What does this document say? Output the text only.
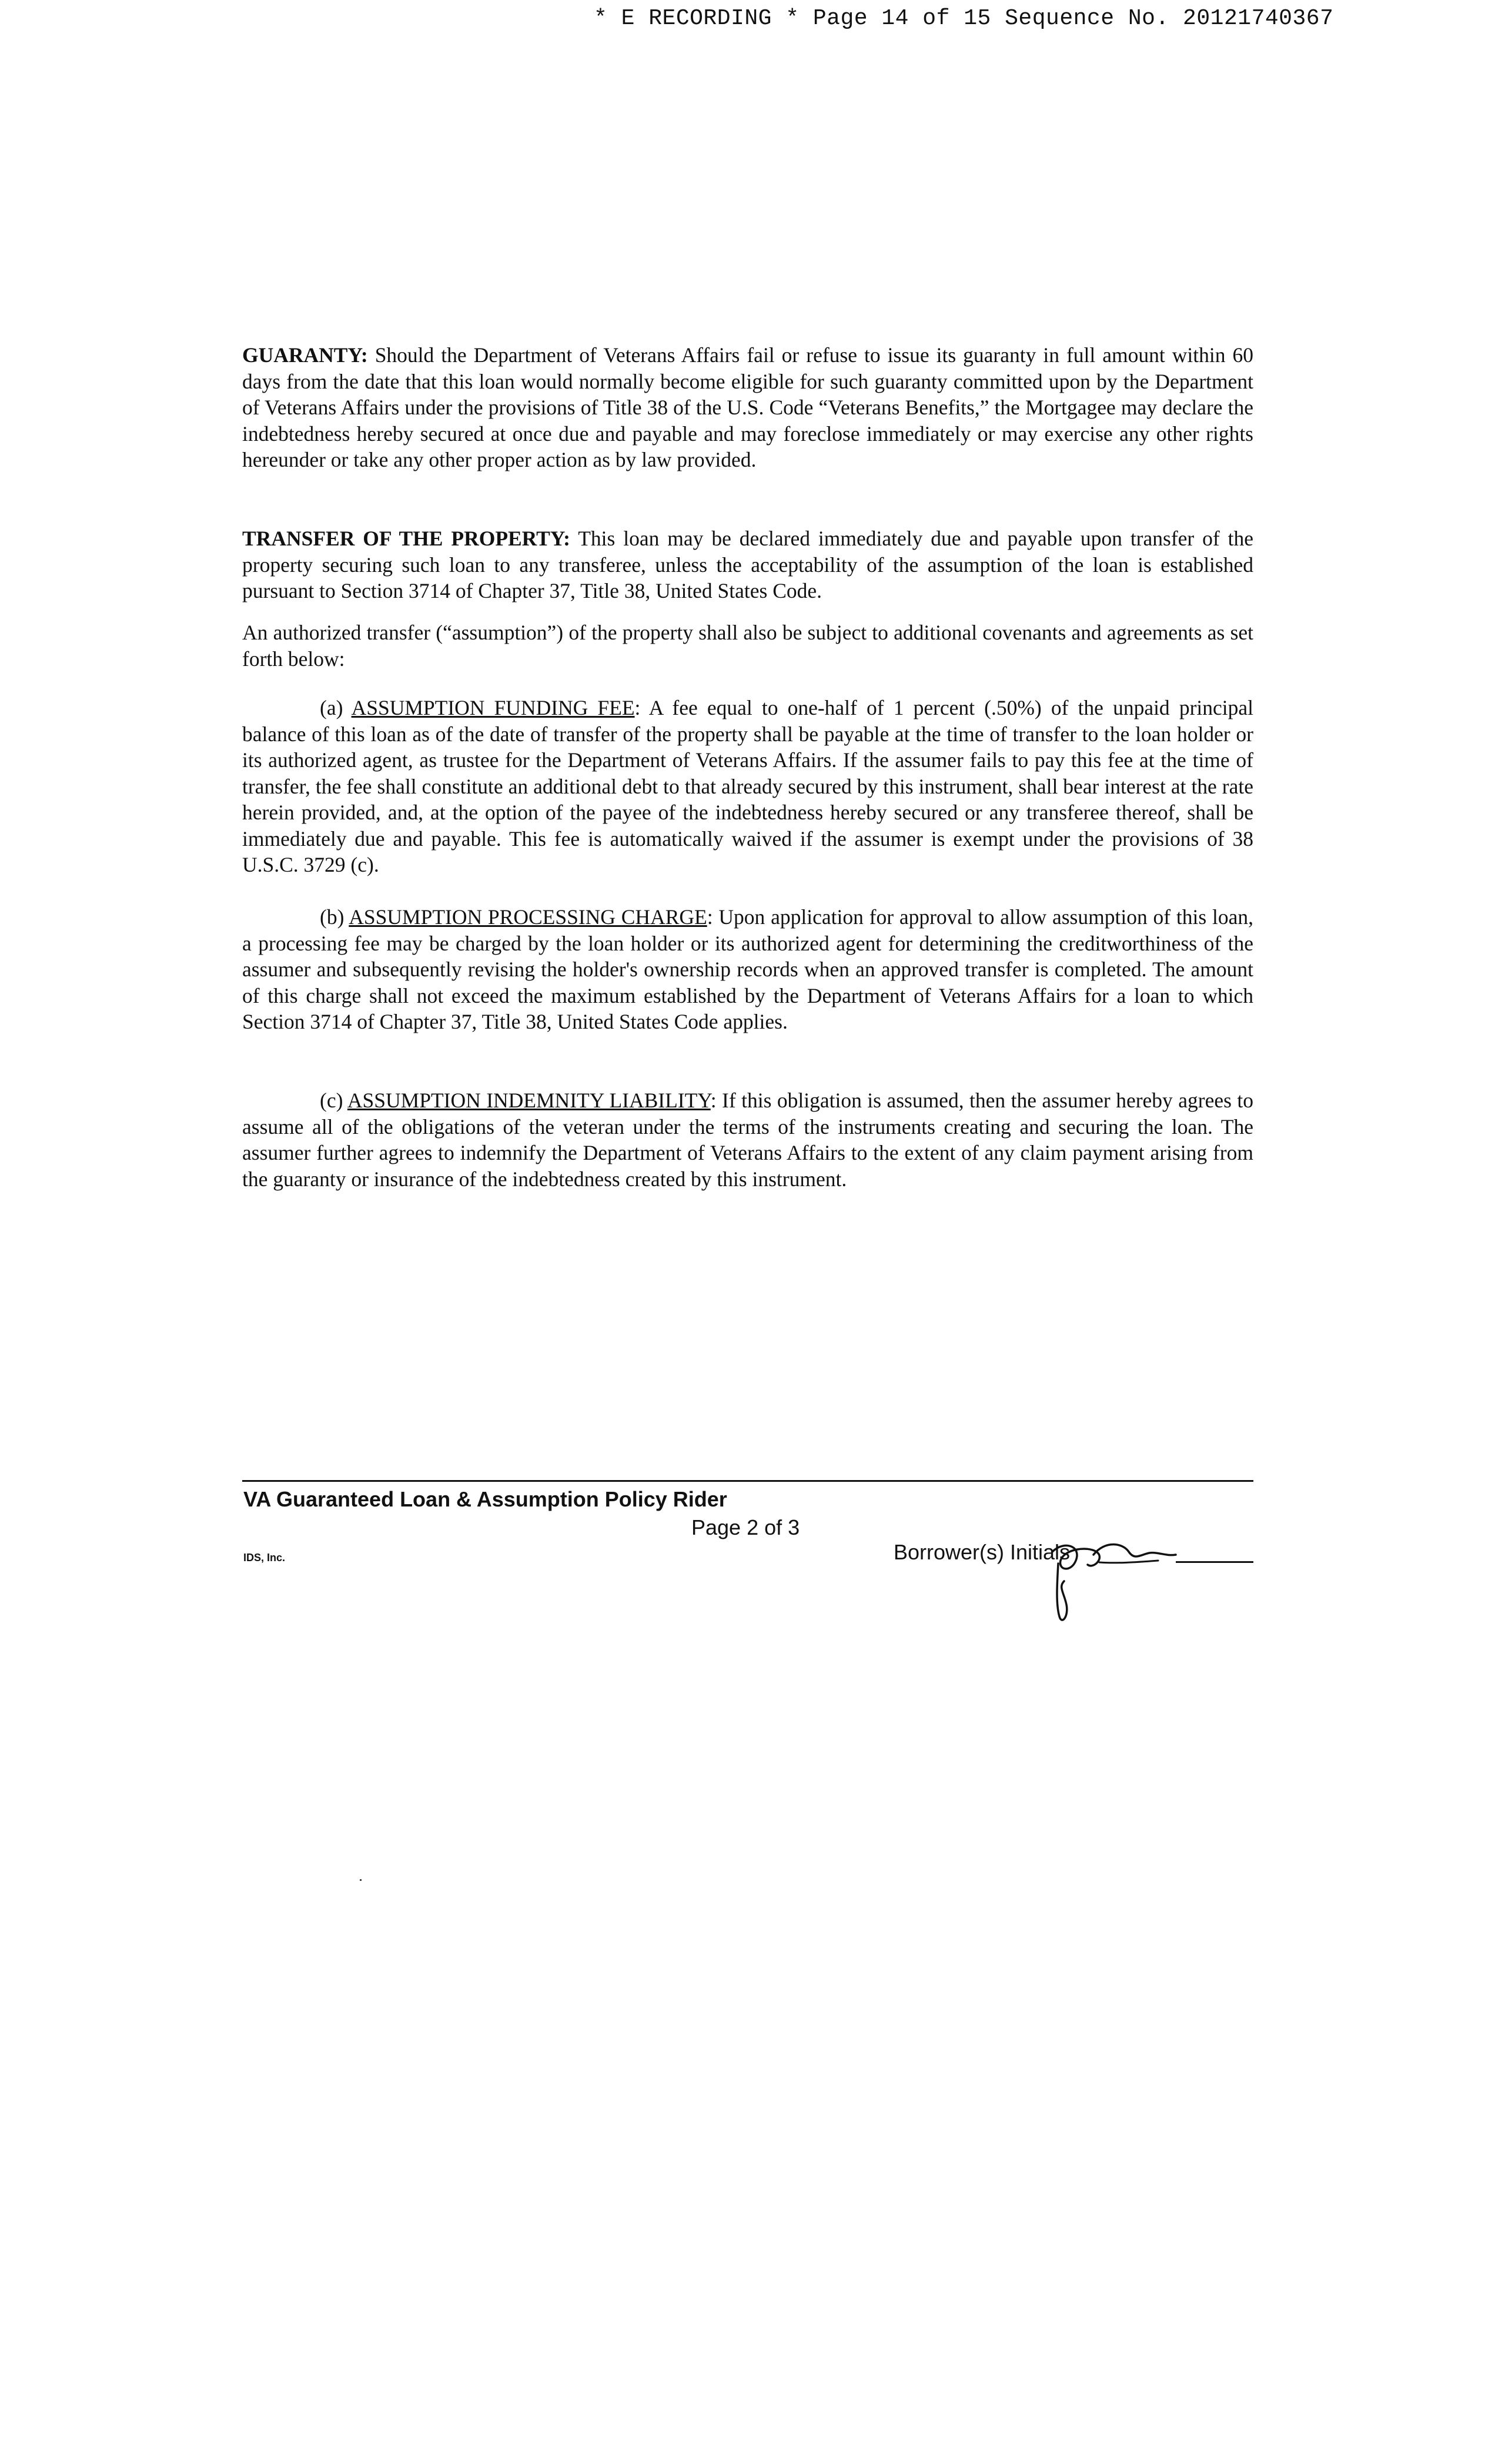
* E RECORDING * Page 14 of 15 Sequence No. 20121740367

GUARANTY: Should the Department of Veterans Affairs fail or refuse to issue its guaranty in full amount within 60 days from the date that this loan would normally become eligible for such guaranty committed upon by the Department of Veterans Affairs under the provisions of Title 38 of the U.S. Code “Veterans Benefits,” the Mortgagee may declare the indebtedness hereby secured at once due and payable and may foreclose immediately or may exercise any other rights hereunder or take any other proper action as by law provided.

TRANSFER OF THE PROPERTY: This loan may be declared immediately due and payable upon transfer of the property securing such loan to any transferee, unless the acceptability of the assumption of the loan is established pursuant to Section 3714 of Chapter 37, Title 38, United States Code.

An authorized transfer (“assumption”) of the property shall also be subject to additional covenants and agreements as set forth below:

(a) ASSUMPTION FUNDING FEE: A fee equal to one-half of 1 percent (.50%) of the unpaid principal balance of this loan as of the date of transfer of the property shall be payable at the time of transfer to the loan holder or its authorized agent, as trustee for the Department of Veterans Affairs. If the assumer fails to pay this fee at the time of transfer, the fee shall constitute an additional debt to that already secured by this instrument, shall bear interest at the rate herein provided, and, at the option of the payee of the indebtedness hereby secured or any transferee thereof, shall be immediately due and payable. This fee is automatically waived if the assumer is exempt under the provisions of 38 U.S.C. 3729 (c).

(b) ASSUMPTION PROCESSING CHARGE: Upon application for approval to allow assumption of this loan, a processing fee may be charged by the loan holder or its authorized agent for determining the creditworthiness of the assumer and subsequently revising the holder's ownership records when an approved transfer is completed. The amount of this charge shall not exceed the maximum established by the Department of Veterans Affairs for a loan to which Section 3714 of Chapter 37, Title 38, United States Code applies.

(c) ASSUMPTION INDEMNITY LIABILITY: If this obligation is assumed, then the assumer hereby agrees to assume all of the obligations of the veteran under the terms of the instruments creating and securing the loan. The assumer further agrees to indemnify the Department of Veterans Affairs to the extent of any claim payment arising from the guaranty or insurance of the indebtedness created by this instrument.

VA Guaranteed Loan & Assumption Policy Rider
Page 2 of 3
IDS, Inc.	Borrower(s) Initials
